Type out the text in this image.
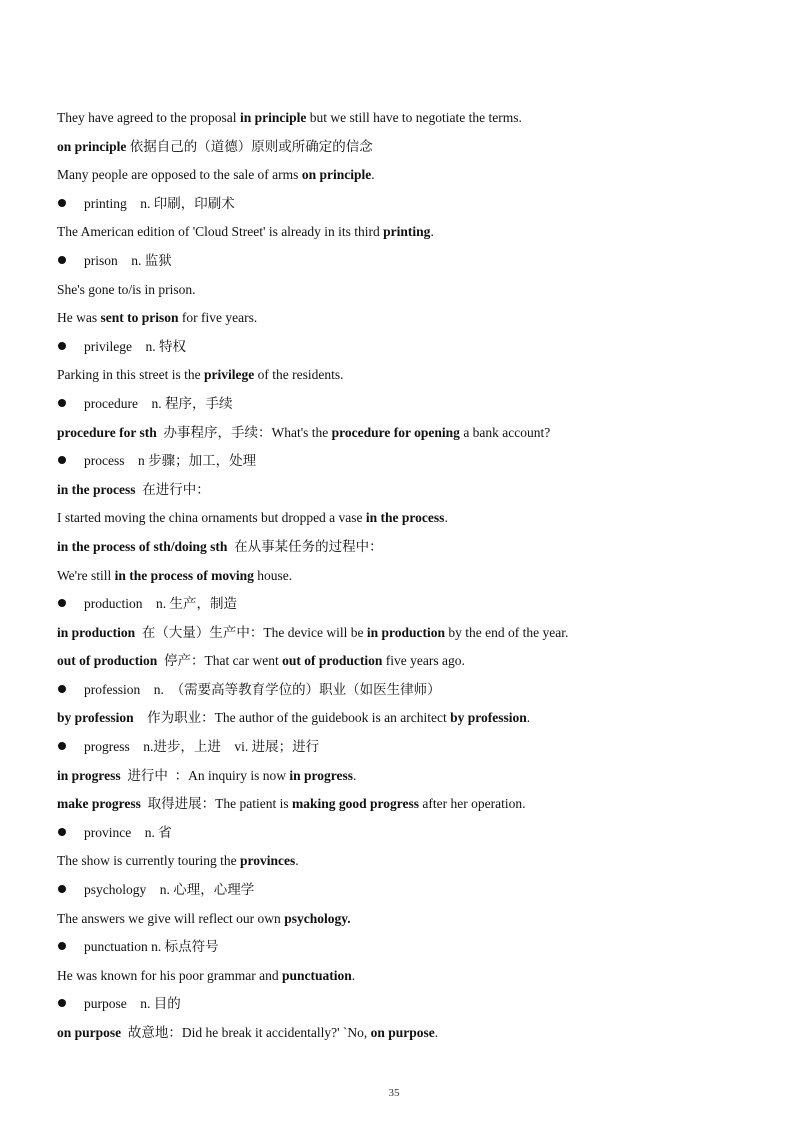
They have agreed to the proposal in principle but we still have to negotiate the terms.
on principle 依据自己的（道德）原则或所确定的信念
Many people are opposed to the sale of arms on principle.
printing    n. 印刷，印刷术
The American edition of 'Cloud Street' is already in its third printing.
prison    n. 监狱
She's gone to/is in prison.
He was sent to prison for five years.
privilege    n. 特权
Parking in this street is the privilege of the residents.
procedure    n. 程序，手续
procedure for sth  办事程序，手续：What's the procedure for opening a bank account?
process    n 步骤；加工，处理
in the process  在进行中：
I started moving the china ornaments but dropped a vase in the process.
in the process of sth/doing sth  在从事某任务的过程中：
We're still in the process of moving house.
production    n. 生产，制造
in production  在（大量）生产中：The device will be in production by the end of the year.
out of production  停产：That car went out of production five years ago.
profession    n.  （需要高等教育学位的）职业（如医生律师）
by profession    作为职业：The author of the guidebook is an architect by profession.
progress    n.进步，上进    vi. 进展；进行
in progress  进行中  ：An inquiry is now in progress.
make progress  取得进展：The patient is making good progress after her operation.
province    n. 省
The show is currently touring the provinces.
psychology    n. 心理，心理学
The answers we give will reflect our own psychology.
punctuation n. 标点符号
He was known for his poor grammar and punctuation.
purpose    n. 目的
on purpose  故意地：Did he break it accidentally?' `No, on purpose.
35
